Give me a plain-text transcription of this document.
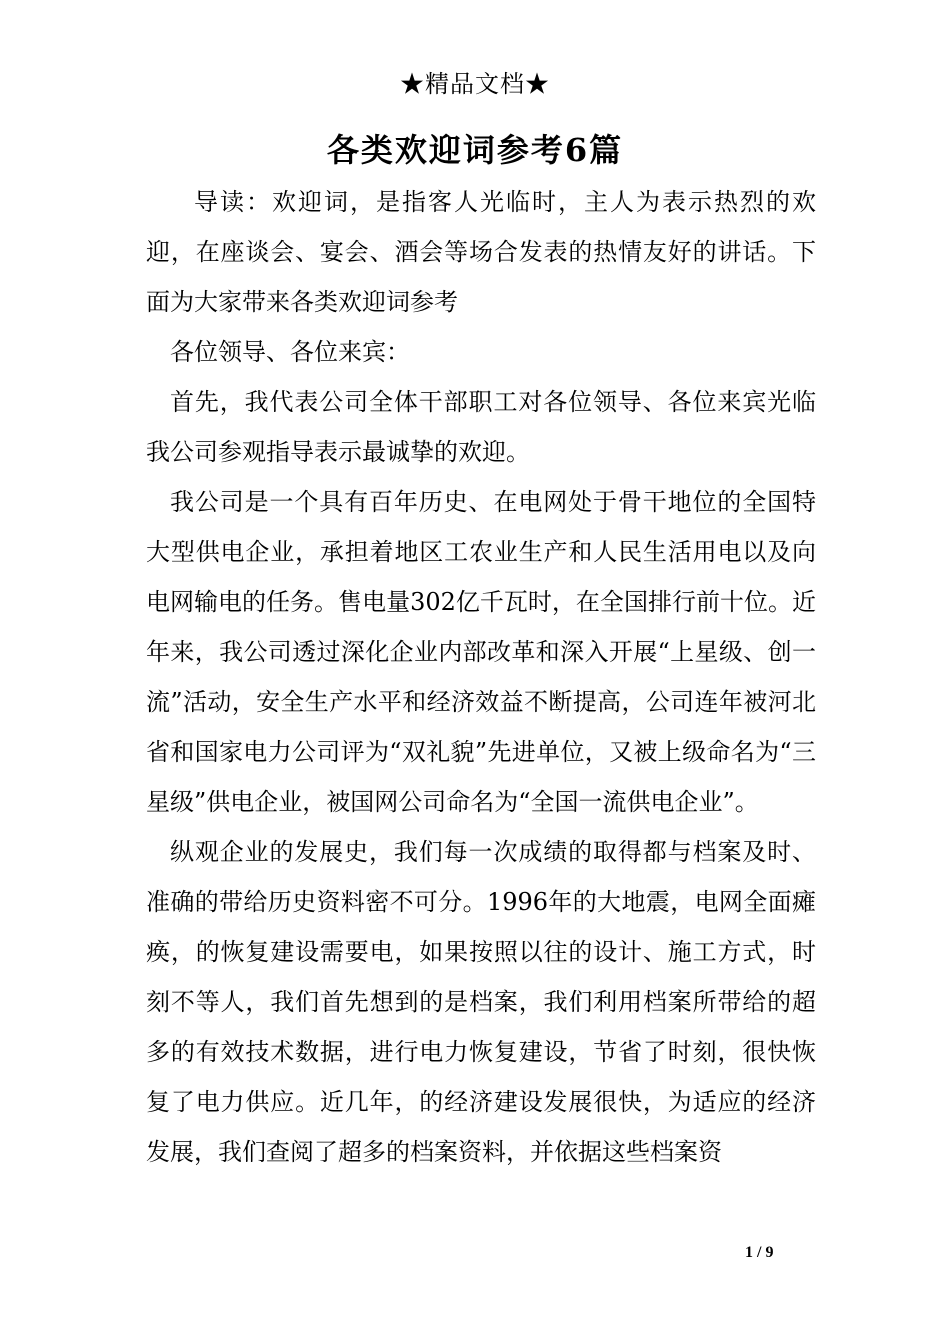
★精品文档★
各类欢迎词参考6篇

导读：欢迎词，是指客人光临时，主人为表示热烈的欢迎，在座谈会、宴会、酒会等场合发表的热情友好的讲话。下面为大家带来各类欢迎词参考

各位领导、各位来宾：

首先，我代表公司全体干部职工对各位领导、各位来宾光临我公司参观指导表示最诚挚的欢迎。

我公司是一个具有百年历史、在电网处于骨干地位的全国特大型供电企业，承担着地区工农业生产和人民生活用电以及向电网输电的任务。售电量302亿千瓦时，在全国排行前十位。近年来，我公司透过深化企业内部改革和深入开展“上星级、创一流”活动，安全生产水平和经济效益不断提高，公司连年被河北省和国家电力公司评为“双礼貌”先进单位，又被上级命名为“三星级”供电企业，被国网公司命名为“全国一流供电企业”。

纵观企业的发展史，我们每一次成绩的取得都与档案及时、准确的带给历史资料密不可分。1996年的大地震，电网全面瘫痪，的恢复建设需要电，如果按照以往的设计、施工方式，时刻不等人，我们首先想到的是档案，我们利用档案所带给的超多的有效技术数据，进行电力恢复建设，节省了时刻，很快恢复了电力供应。近几年，的经济建设发展很快，为适应的经济发展，我们查阅了超多的档案资料，并依据这些档案资

1 / 9
